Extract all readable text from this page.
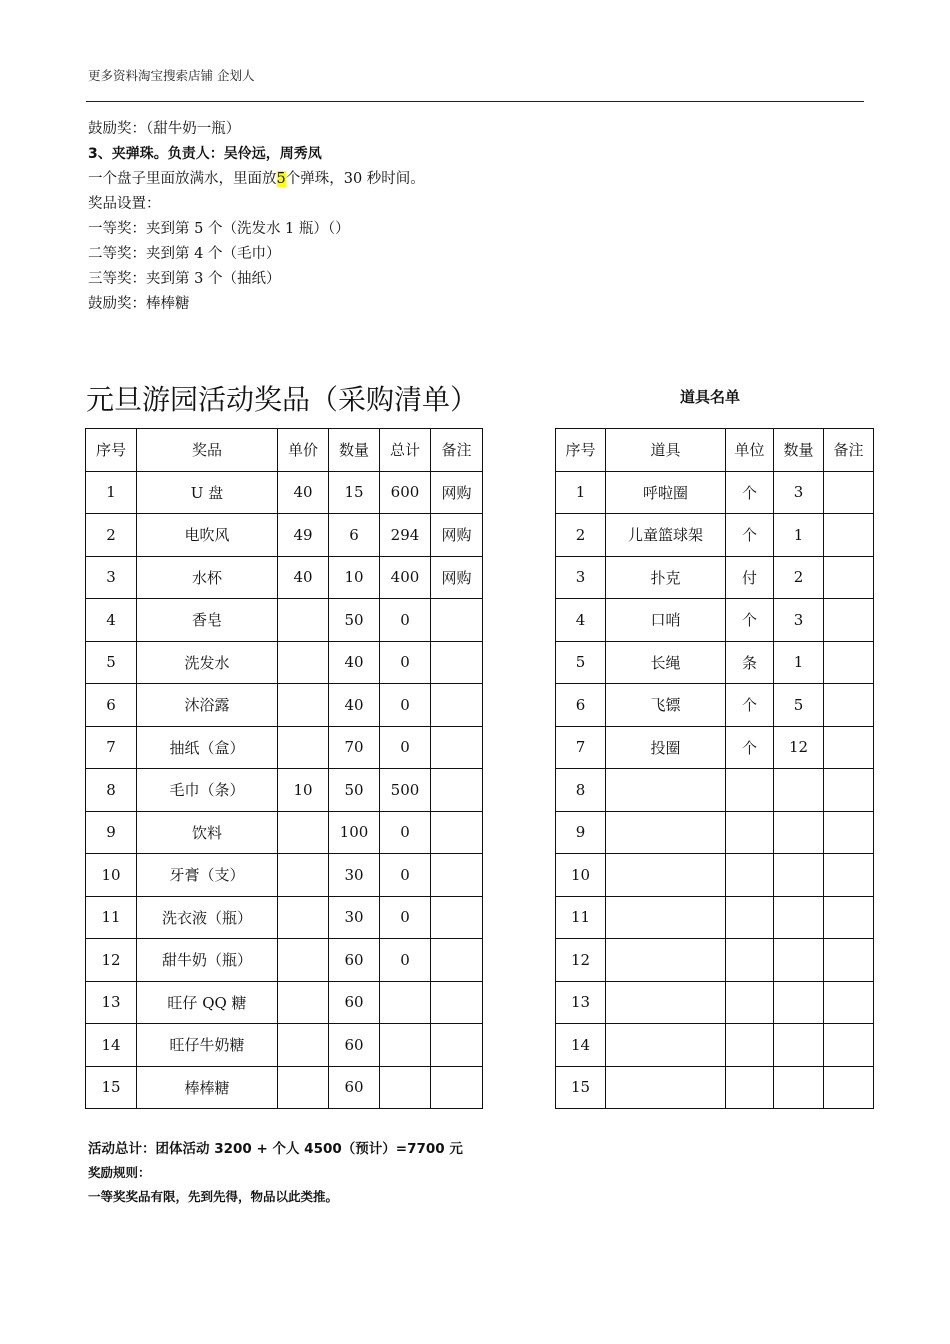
更多资料淘宝搜索店铺 企划人
鼓励奖：（甜牛奶一瓶）
3、夹弹珠。负责人：吴伶远，周秀凤
一个盘子里面放满水，里面放5个弹珠，30 秒时间。
奖品设置：
一等奖：夹到第 5 个（洗发水 1 瓶）（）
二等奖：夹到第 4 个（毛巾）
三等奖：夹到第 3 个（抽纸）
鼓励奖：棒棒糖
元旦游园活动奖品（采购清单）	道具名单
序号	奖品	单价	数量	总计	备注
1	U 盘	40	15	600	网购
2	电吹风	49	6	294	网购
3	水杯	40	10	400	网购
4	香皂		50	0	
5	洗发水		40	0	
6	沐浴露		40	0	
7	抽纸（盒）		70	0	
8	毛巾（条）	10	50	500	
9	饮料		100	0	
10	牙膏（支）		30	0	
11	洗衣液（瓶）		30	0	
12	甜牛奶（瓶）		60	0	
13	旺仔 QQ 糖		60		
14	旺仔牛奶糖		60		
15	棒棒糖		60		
序号	道具	单位	数量	备注
1	呼啦圈	个	3	
2	儿童篮球架	个	1	
3	扑克	付	2	
4	口哨	个	3	
5	长绳	条	1	
6	飞镖	个	5	
7	投圈	个	12	
8				
9				
10				
11				
12				
13				
14				
15				
活动总计：团体活动 3200 + 个人 4500（预计）=7700 元
奖励规则：
一等奖奖品有限，先到先得，物品以此类推。
